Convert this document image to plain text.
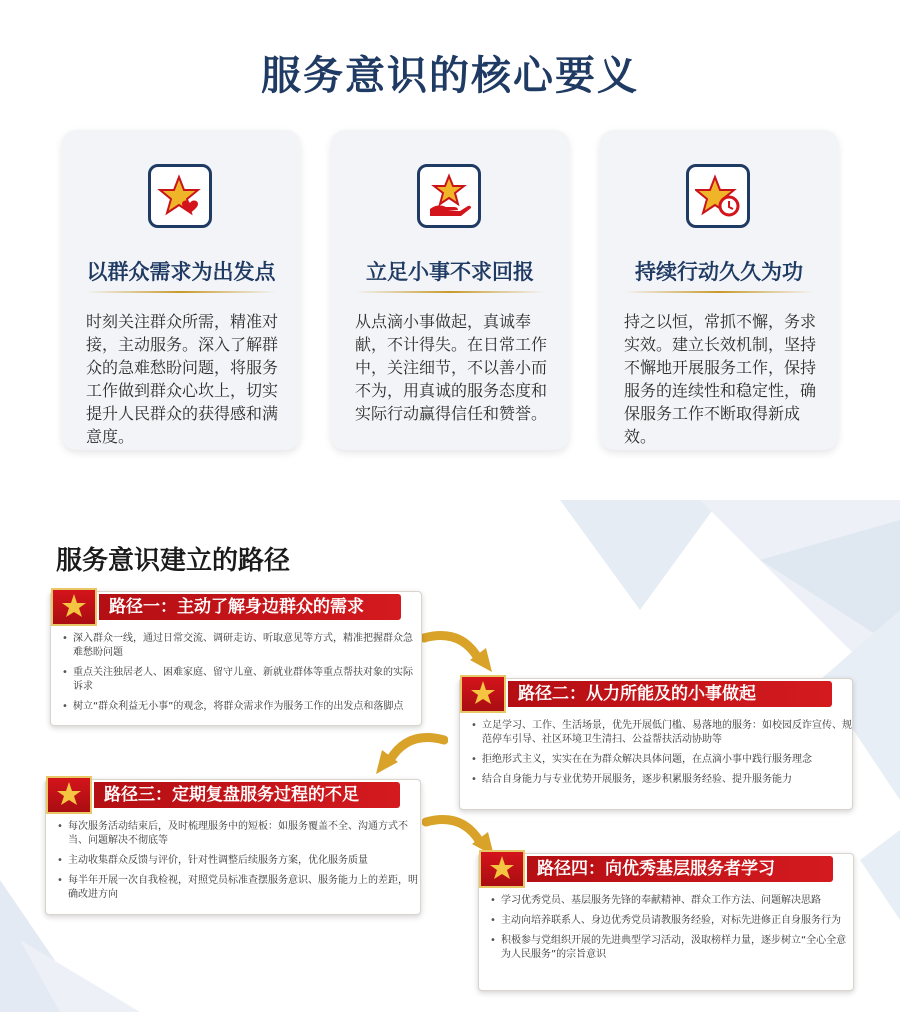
服务意识的核心要义
以群众需求为出发点
时刻关注群众所需，精准对接，主动服务。深入了解群众的急难愁盼问题，将服务工作做到群众心坎上，切实提升人民群众的获得感和满意度。
立足小事不求回报
从点滴小事做起，真诚奉献，不计得失。在日常工作中，关注细节，不以善小而不为，用真诚的服务态度和实际行动赢得信任和赞誉。
持续行动久久为功
持之以恒，常抓不懈，务求实效。建立长效机制，坚持不懈地开展服务工作，保持服务的连续性和稳定性，确保服务工作不断取得新成效。
服务意识建立的路径
路径一：主动了解身边群众的需求
• 深入群众一线，通过日常交流、调研走访、听取意见等方式，精准把握群众急难愁盼问题
• 重点关注独居老人、困难家庭、留守儿童、新就业群体等重点帮扶对象的实际诉求
• 树立“群众利益无小事”的观念，将群众需求作为服务工作的出发点和落脚点
路径二：从力所能及的小事做起
• 立足学习、工作、生活场景，优先开展低门槛、易落地的服务：如校园反诈宣传、规范停车引导、社区环境卫生清扫、公益帮扶活动协助等
• 拒绝形式主义，实实在在为群众解决具体问题，在点滴小事中践行服务理念
• 结合自身能力与专业优势开展服务，逐步积累服务经验、提升服务能力
路径三：定期复盘服务过程的不足
• 每次服务活动结束后，及时梳理服务中的短板：如服务覆盖不全、沟通方式不当、问题解决不彻底等
• 主动收集群众反馈与评价，针对性调整后续服务方案，优化服务质量
• 每半年开展一次自我检视，对照党员标准查摆服务意识、服务能力上的差距，明确改进方向
路径四：向优秀基层服务者学习
• 学习优秀党员、基层服务先锋的奉献精神、群众工作方法、问题解决思路
• 主动向培养联系人、身边优秀党员请教服务经验，对标先进修正自身服务行为
• 积极参与党组织开展的先进典型学习活动，汲取榜样力量，逐步树立“全心全意为人民服务”的宗旨意识
